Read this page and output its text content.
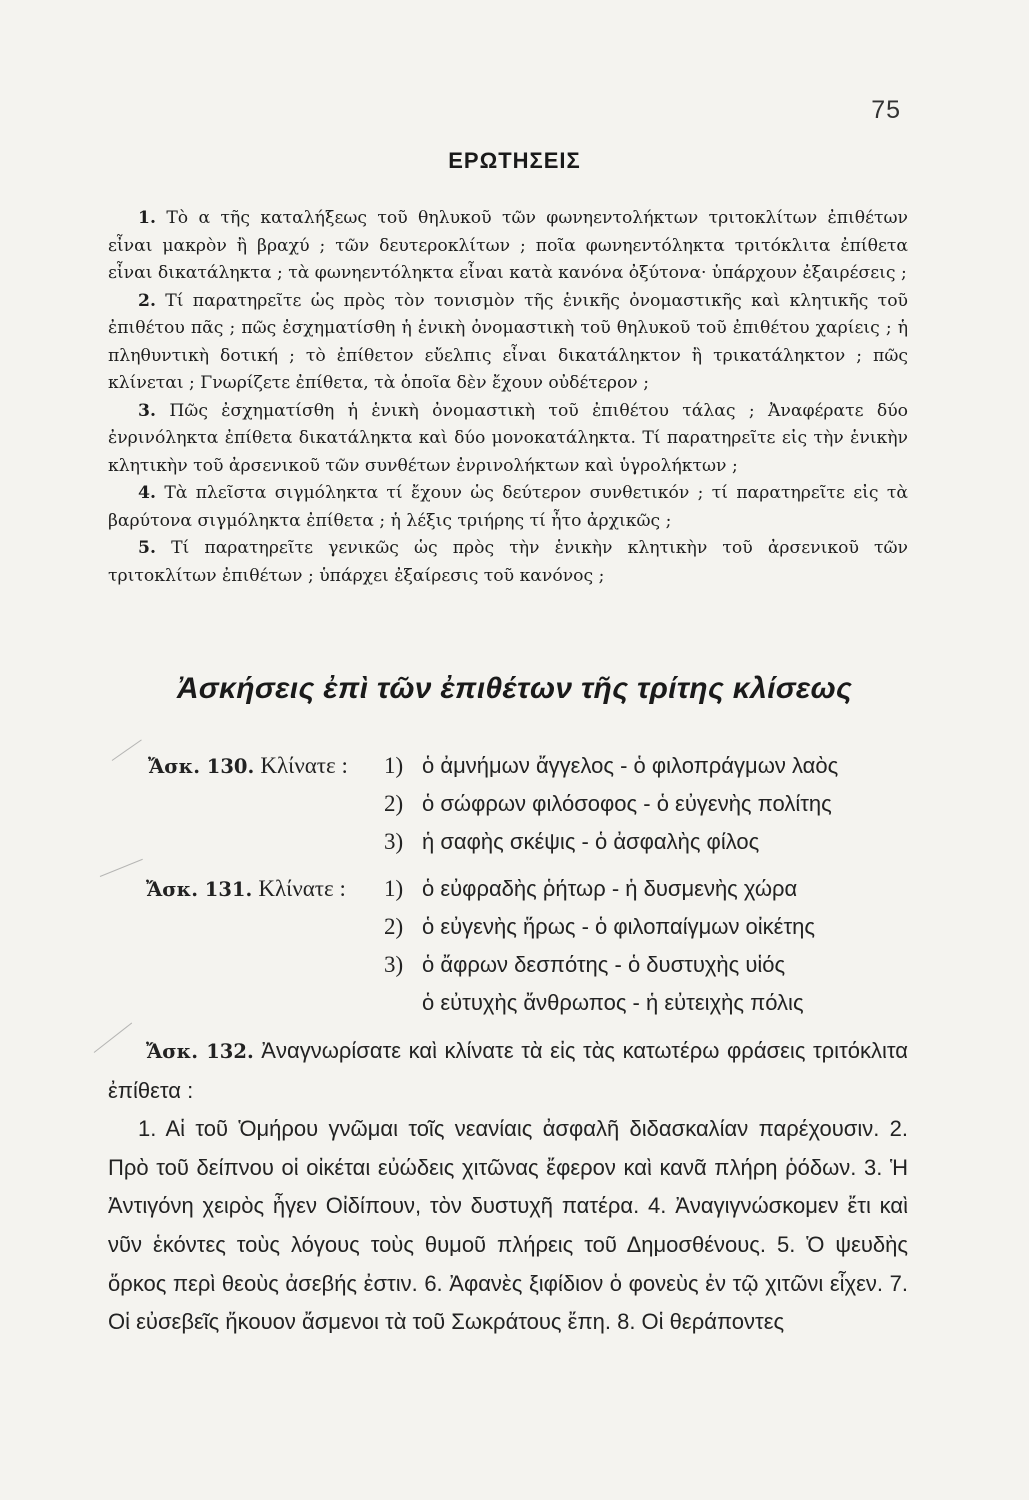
75
ΕΡΩΤΗΣΕΙΣ

1. Τὸ α τῆς καταλήξεως τοῦ θηλυκοῦ τῶν φωνηεντολήκτων τριτοκλίτων ἐπιθέτων εἶναι μακρὸν ἢ βραχύ ; τῶν δευτεροκλίτων ; ποῖα φωνηεντόληκτα τριτόκλιτα ἐπίθετα εἶναι δικατάληκτα ; τὰ φωνηεντόληκτα εἶναι κατὰ κανόνα ὀξύτονα· ὑπάρχουν ἐξαιρέσεις ;

2. Τί παρατηρεῖτε ὡς πρὸς τὸν τονισμὸν τῆς ἑνικῆς ὀνομαστικῆς καὶ κλητικῆς τοῦ ἐπιθέτου πᾶς ; πῶς ἐσχηματίσθη ἡ ἑνικὴ ὀνομαστικὴ τοῦ θηλυκοῦ τοῦ ἐπιθέτου χαρίεις ; ἡ πληθυντικὴ δοτική ; τὸ ἐπίθετον εὔελπις εἶναι δικατάληκτον ἢ τρικατάληκτον ; πῶς κλίνεται ; Γνωρίζετε ἐπίθετα, τὰ ὁποῖα δὲν ἔχουν οὐδέτερον ;

3. Πῶς ἐσχηματίσθη ἡ ἑνικὴ ὀνομαστικὴ τοῦ ἐπιθέτου τάλας ; Ἀναφέρατε δύο ἐνρινόληκτα ἐπίθετα δικατάληκτα καὶ δύο μονοκατάληκτα. Τί παρατηρεῖτε εἰς τὴν ἑνικὴν κλητικὴν τοῦ ἀρσενικοῦ τῶν συνθέτων ἐνρινολήκτων καὶ ὑγρολήκτων ;

4. Τὰ πλεῖστα σιγμόληκτα τί ἔχουν ὡς δεύτερον συνθετικόν ; τί παρατηρεῖτε εἰς τὰ βαρύτονα σιγμόληκτα ἐπίθετα ; ἡ λέξις τριήρης τί ἦτο ἀρχικῶς ;

5. Τί παρατηρεῖτε γενικῶς ὡς πρὸς τὴν ἑνικὴν κλητικὴν τοῦ ἀρσενικοῦ τῶν τριτοκλίτων ἐπιθέτων ; ὑπάρχει ἐξαίρεσις τοῦ κανόνος ;

Ἀσκήσεις ἐπὶ τῶν ἐπιθέτων τῆς τρίτης κλίσεως
Ἄσκ. 130. Κλίνατε : 1) ὁ ἀμνήμων ἄγγελος - ὁ φιλοπράγμων λαὸς
2) ὁ σώφρων φιλόσοφος - ὁ εὐγενὴς πολίτης
3) ἡ σαφὴς σκέψις - ὁ ἀσφαλὴς φίλος
Ἄσκ. 131. Κλίνατε : 1) ὁ εὐφραδὴς ῥήτωρ - ἡ δυσμενὴς χώρα
2) ὁ εὐγενὴς ἥρως - ὁ φιλοπαίγμων οἰκέτης
3) ὁ ἄφρων δεσπότης - ὁ δυστυχὴς υἱός
ὁ εὐτυχὴς ἄνθρωπος - ἡ εὐτειχὴς πόλις

Ἄσκ. 132. Ἀναγνωρίσατε καὶ κλίνατε τὰ εἰς τὰς κατωτέρω φράσεις τριτόκλιτα ἐπίθετα :

1. Αἱ τοῦ Ὁμήρου γνῶμαι τοῖς νεανίαις ἀσφαλῆ διδασκαλίαν παρέχουσιν. 2. Πρὸ τοῦ δείπνου οἱ οἰκέται εὐώδεις χιτῶνας ἔφερον καὶ κανᾶ πλήρη ῥόδων. 3. Ἡ Ἀντιγόνη χειρὸς ἦγεν Οἰδίπουν, τὸν δυστυχῆ πατέρα. 4. Ἀναγιγνώσκομεν ἔτι καὶ νῦν ἑκόντες τοὺς λόγους τοὺς θυμοῦ πλήρεις τοῦ Δημοσθένους. 5. Ὁ ψευδὴς ὅρκος περὶ θεοὺς ἀσεβής ἐστιν. 6. Ἀφανὲς ξιφίδιον ὁ φονεὺς ἐν τῷ χιτῶνι εἶχεν. 7. Οἱ εὐσεβεῖς ἤκουον ἄσμενοι τὰ τοῦ Σωκράτους ἔπη. 8. Οἱ θεράποντες
